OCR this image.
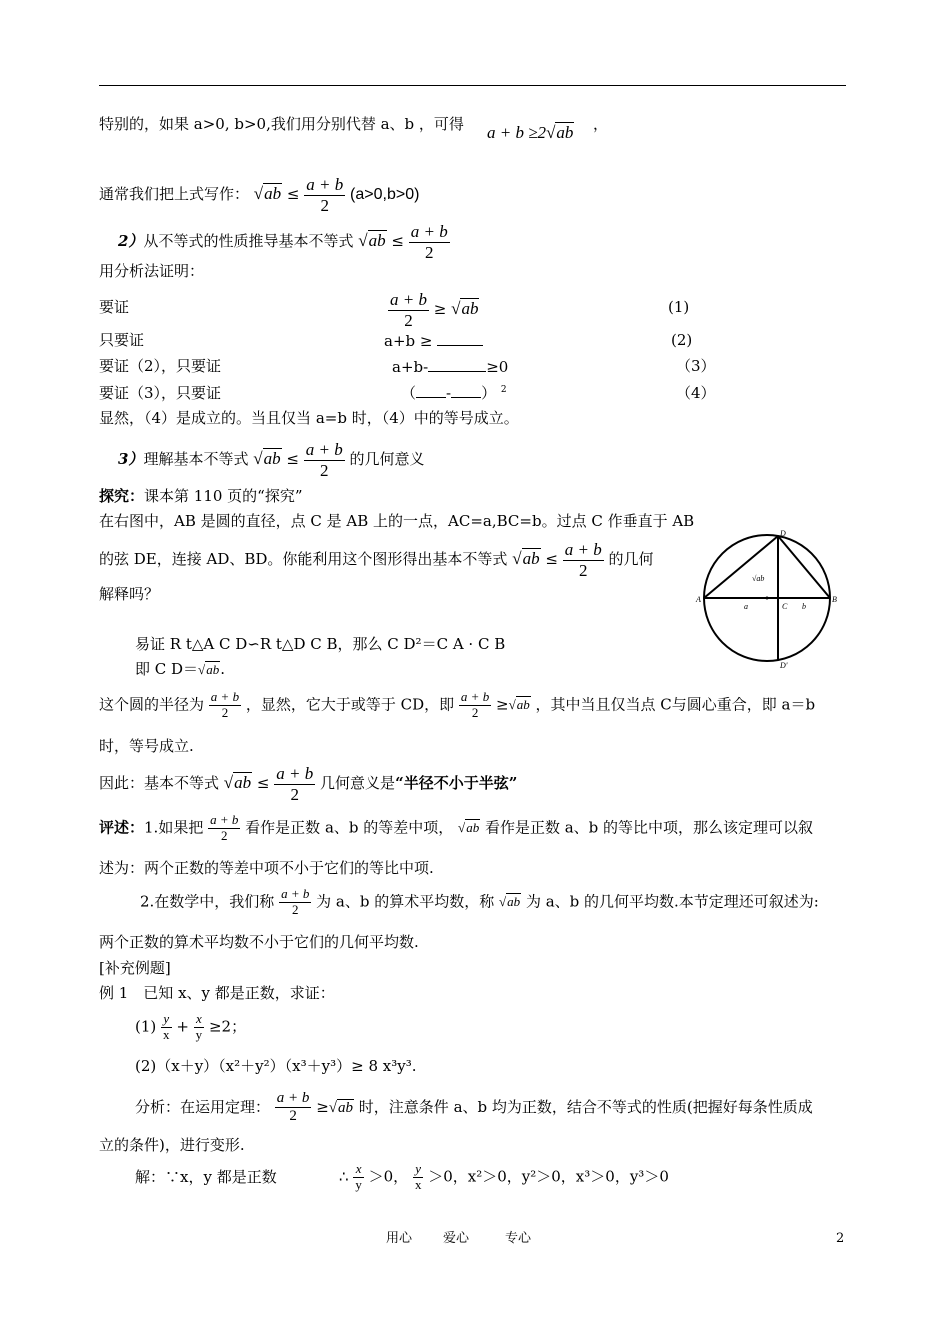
特别的，如果 a>0, b>0,我们用分别代替 a、b ，可得 a + b ≥2√ab ，
通常我们把上式写作： $√ab \le \frac{a + b}{2} (a>0,b>0)$
2）从不等式的性质推导基本不等式 $√ab \le \frac{a + b}{2}$
用分析法证明：
要证	$\frac{a + b}{2} \ge √ab$	(1)
只要证	a+b ≥	(2)
要证（2），只要证	a+b-	≥0	（3）
要证（3），只要证	（ - ） $^2$	（4）
显然，（4）是成立的。当且仅当 a=b 时，（4）中的等号成立。
3）理解基本不等式 $√ab \le \frac{a + b}{2}$ 的几何意义
探究：课本第 110 页的“探究”
在右图中，AB 是圆的直径，点 C 是 AB 上的一点，AC=a,BC=b。过点 C 作垂直于 AB
的弦 DE，连接 AD、BD。你能利用这个图形得出基本不等式 $√ab \le \frac{a + b}{2}$ 的几何
解释吗？	A	B
C
D
D'
a	b
√ab
易证 R t△A C D∽R t△D C B，那么 C D²＝C A · C B
即 C D＝√ab.
这个圆的半径为 $\frac{a + b}{2}$ ，显然，它大于或等于 CD，即 $\frac{a + b}{2} \ge√ab$ ，其中当且仅当点 C与圆心重合，即 a＝b
时，等号成立.
因此：基本不等式 $√ab \le \frac{a + b}{2}$ 几何意义是“半径不小于半弦”
评述：1.如果把 $\frac{a + b}{2}$ 看作是正数 a、b 的等差中项， √ab 看作是正数 a、b 的等比中项，那么该定理可以叙
述为：两个正数的等差中项不小于它们的等比中项.
2.在数学中，我们称 $\frac{a + b}{2}$ 为 a、b 的算术平均数，称 √ab 为 a、b 的几何平均数.本节定理还可叙述为:
两个正数的算术平均数不小于它们的几何平均数.
[补充例题]
例 1　已知 x、y 都是正数，求证：
$(1) \frac{y}{x} + \frac{x}{y} \ge 2$；
(2)（x＋y）（x²＋y²）（x³＋y³）≥ 8 x³y³.
分析：在运用定理： $\frac{a + b}{2} \ge√ab$ 时，注意条件 a、b 均为正数，结合不等式的性质(把握好每条性质成
立的条件)，进行变形.
解：∵x，y 都是正数	∴ $\frac{x}{y} >0$， $\frac{y}{x} >0$，x²＞0，y²＞0，x³＞0，y³＞0
用心 爱心	专心	2
